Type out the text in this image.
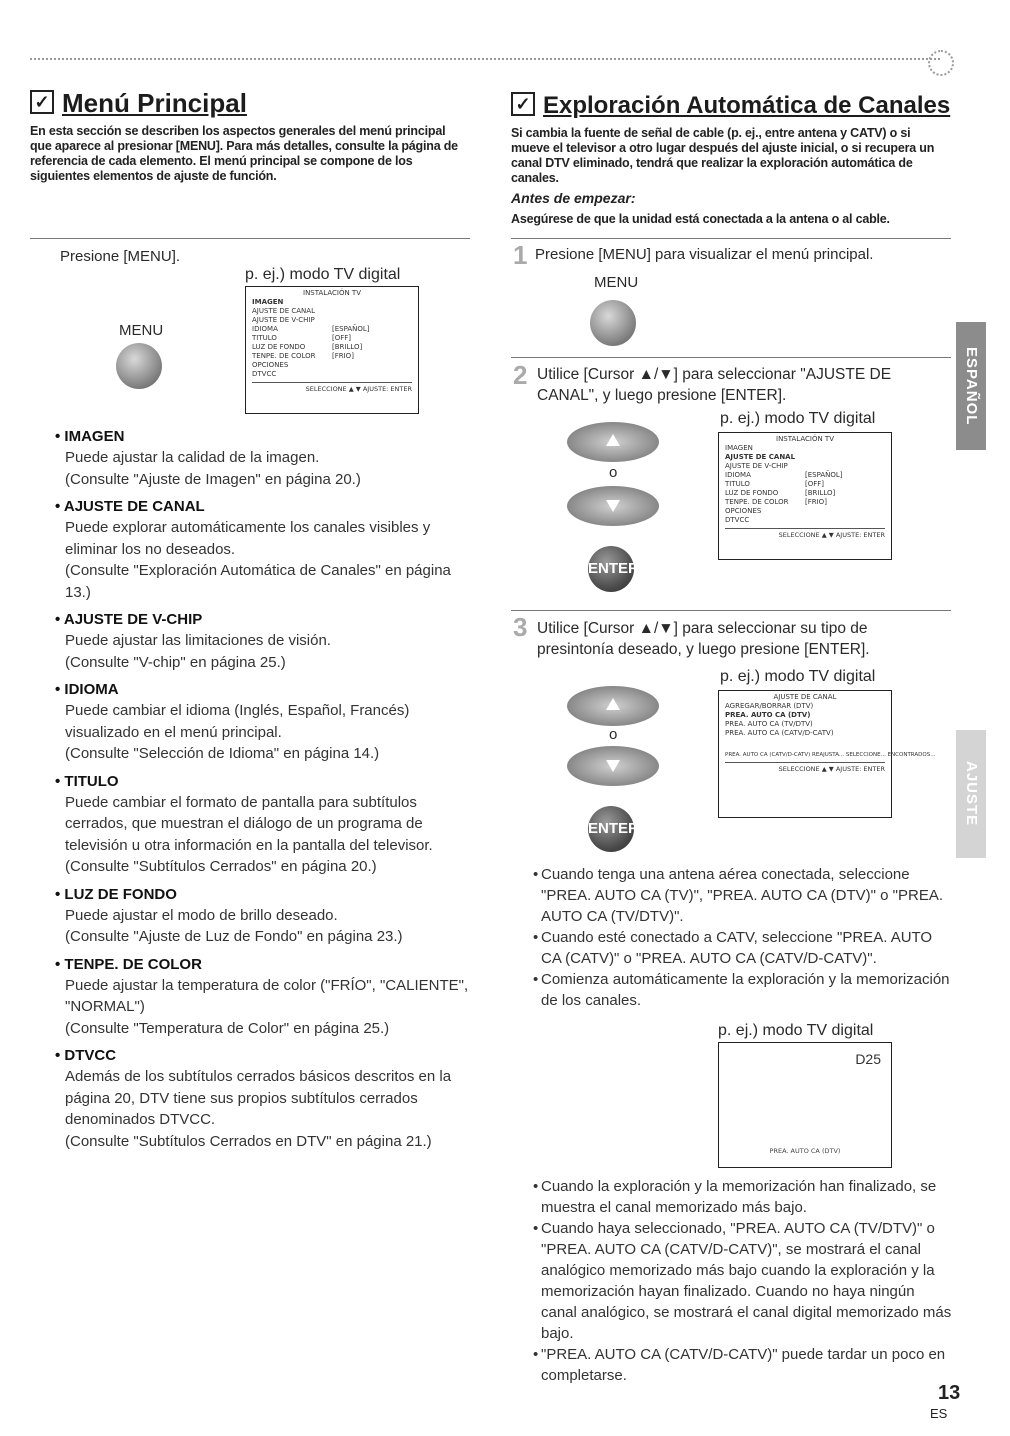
✓ Menú Principal
En esta sección se describen los aspectos generales del menú principal que aparece al presionar [MENU]. Para más detalles, consulte la página de referencia de cada elemento. El menú principal se compone de los siguientes elementos de ajuste de función.
Presione [MENU].
p. ej.) modo TV digital
MENU
INSTALACIÓN TV
IMAGEN
AJUSTE DE CANAL
AJUSTE DE V-CHIP
IDIOMA	[ESPAÑOL]
TITULO	[OFF]
LUZ DE FONDO	[BRILLO]
TENPE. DE COLOR	[FRIO]
OPCIONES
DTVCC
SELECCIONE ▲ ▼ AJUSTE: ENTER
• IMAGEN
Puede ajustar la calidad de la imagen.
(Consulte "Ajuste de Imagen" en página 20.)
• AJUSTE DE CANAL
Puede explorar automáticamente los canales visibles y eliminar los no deseados.
(Consulte "Exploración Automática de Canales" en página 13.)
• AJUSTE DE V-CHIP
Puede ajustar las limitaciones de visión.
(Consulte "V-chip" en página 25.)
• IDIOMA
Puede cambiar el idioma (Inglés, Español, Francés) visualizado en el menú principal.
(Consulte "Selección de Idioma" en página 14.)
• TITULO
Puede cambiar el formato de pantalla para subtítulos cerrados, que muestran el diálogo de un programa de televisión u otra información en la pantalla del televisor.
(Consulte "Subtítulos Cerrados" en página 20.)
• LUZ DE FONDO
Puede ajustar el modo de brillo deseado.
(Consulte "Ajuste de Luz de Fondo" en página 23.)
• TENPE. DE COLOR
Puede ajustar la temperatura de color ("FRÍO", "CALIENTE", "NORMAL")
(Consulte "Temperatura de Color" en página 25.)
• DTVCC
Además de los subtítulos cerrados básicos descritos en la página 20, DTV tiene sus propios subtítulos cerrados denominados DTVCC.
(Consulte "Subtítulos Cerrados en DTV" en página 21.)
✓ Exploración Automática de Canales
Si cambia la fuente de señal de cable (p. ej., entre antena y CATV) o si mueve el televisor a otro lugar después del ajuste inicial, o si recupera un canal DTV eliminado, tendrá que realizar la exploración automática de canales.
Antes de empezar:
Asegúrese de que la unidad está conectada a la antena o al cable.
1 Presione [MENU] para visualizar el menú principal.
MENU
2 Utilice [Cursor ▲/▼] para seleccionar "AJUSTE DE CANAL", y luego presione [ENTER].
p. ej.) modo TV digital
o
ENTER
INSTALACIÓN TV
IMAGEN
AJUSTE DE CANAL
AJUSTE DE V-CHIP
IDIOMA	[ESPAÑOL]
TITULO	[OFF]
LUZ DE FONDO	[BRILLO]
TENPE. DE COLOR	[FRIO]
OPCIONES
DTVCC
SELECCIONE ▲ ▼ AJUSTE: ENTER
3 Utilice [Cursor ▲/▼] para seleccionar su tipo de presintonía deseado, y luego presione [ENTER].
p. ej.) modo TV digital
o
ENTER
AJUSTE DE CANAL
AGREGAR/BORRAR (DTV)
PREA. AUTO CA (DTV)
PREA. AUTO CA (TV/DTV)
PREA. AUTO CA (CATV/D-CATV)
PREA. AUTO CA (CATV/D-CATV) REAJUSTA... SELECCIONE... ENCONTRADOS...
SELECCIONE ▲ ▼ AJUSTE: ENTER
• Cuando tenga una antena aérea conectada, seleccione "PREA. AUTO CA (TV)", "PREA. AUTO CA (DTV)" o "PREA. AUTO CA (TV/DTV)".
• Cuando esté conectado a CATV, seleccione "PREA. AUTO CA (CATV)" o "PREA. AUTO CA (CATV/D-CATV)".
• Comienza automáticamente la exploración y la memorización de los canales.
p. ej.) modo TV digital
D25
PREA. AUTO CA (DTV)
• Cuando la exploración y la memorización han finalizado, se muestra el canal memorizado más bajo.
• Cuando haya seleccionado, "PREA. AUTO CA (TV/DTV)" o "PREA. AUTO CA (CATV/D-CATV)", se mostrará el canal analógico memorizado más bajo cuando la exploración y la memorización hayan finalizado. Cuando no haya ningún canal analógico, se mostrará el canal digital memorizado más bajo.
• "PREA. AUTO CA (CATV/D-CATV)" puede tardar un poco en completarse.
ESPAÑOL
AJUSTE INICIAL
13
ES
